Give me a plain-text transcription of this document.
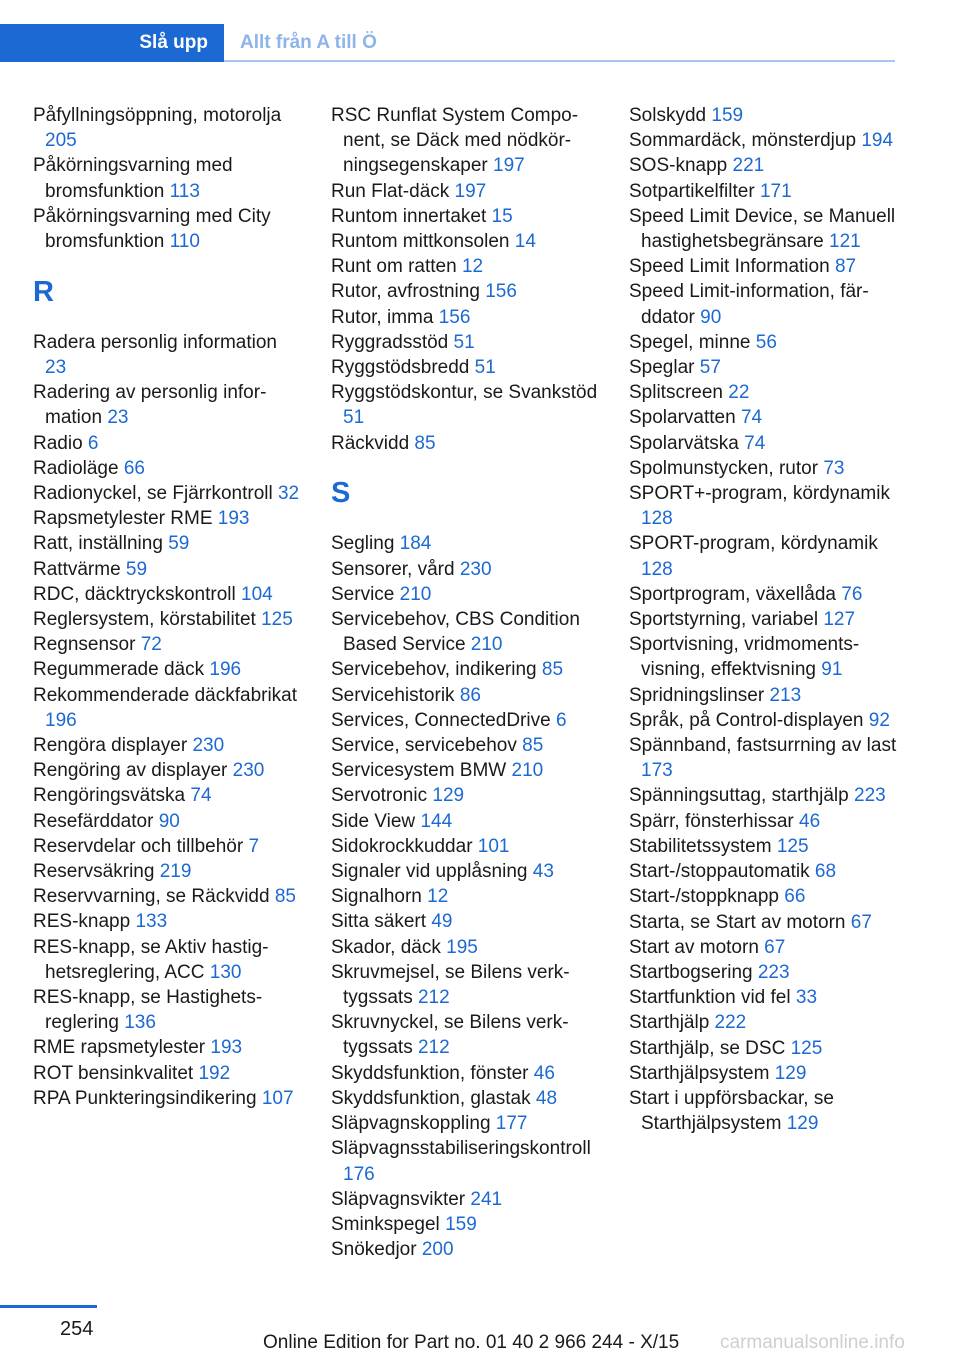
Slå upp	Allt från A till Ö
Påfyllningsöppning, motorolja 205
Påkörningsvarning med bromsfunktion 113
Påkörningsvarning med City bromsfunktion 110
R
Radera personlig information 23
Radering av personlig information 23
Radio 6
Radioläge 66
Radionyckel, se Fjärrkontroll 32
Rapsmetylester RME 193
Ratt, inställning 59
Rattvärme 59
RDC, däcktryckskontroll 104
Reglersystem, körstabilitet 125
Regnsensor 72
Regummerade däck 196
Rekommenderade däckfabrikat 196
Rengöra displayer 230
Rengöring av displayer 230
Rengöringsvätska 74
Resefärddator 90
Reservdelar och tillbehör 7
Reservsäkring 219
Reservvarning, se Räckvidd 85
RES-knapp 133
RES-knapp, se Aktiv hastighetsreglering, ACC 130
RES-knapp, se Hastighetsreglering 136
RME rapsmetylester 193
ROT bensinkvalitet 192
RPA Punkteringsindikering 107
RSC Runflat System Component, se Däck med nödkörningsegenskaper 197
Run Flat-däck 197
Runtom innertaket 15
Runtom mittkonsolen 14
Runt om ratten 12
Rutor, avfrostning 156
Rutor, imma 156
Ryggradsstöd 51
Ryggstödsbredd 51
Ryggstödskontur, se Svankstöd 51
Räckvidd 85
S
Segling 184
Sensorer, vård 230
Service 210
Servicebehov, CBS Condition Based Service 210
Servicebehov, indikering 85
Servicehistorik 86
Services, ConnectedDrive 6
Service, servicebehov 85
Servicesystem BMW 210
Servotronic 129
Side View 144
Sidokrockkuddar 101
Signaler vid upplåsning 43
Signalhorn 12
Sitta säkert 49
Skador, däck 195
Skruvmejsel, se Bilens verktygssats 212
Skruvnyckel, se Bilens verktygssats 212
Skyddsfunktion, fönster 46
Skyddsfunktion, glastak 48
Släpvagnskoppling 177
Släpvagnsstabiliseringskontroll 176
Släpvagnsvikter 241
Sminkspegel 159
Snökedjor 200
Solskydd 159
Sommardäck, mönsterdjup 194
SOS-knapp 221
Sotpartikelfilter 171
Speed Limit Device, se Manuell hastighetsbegränsare 121
Speed Limit Information 87
Speed Limit-information, färddator 90
Spegel, minne 56
Speglar 57
Splitscreen 22
Spolarvatten 74
Spolarvätska 74
Spolmunstycken, rutor 73
SPORT+-program, kördynamik 128
SPORT-program, kördynamik 128
Sportprogram, växellåda 76
Sportstyrning, variabel 127
Sportvisning, vridmomentsvisning, effektvisning 91
Spridningslinser 213
Språk, på Control-displayen 92
Spännband, fastsurrning av last 173
Spänningsuttag, starthjälp 223
Spärr, fönsterhissar 46
Stabilitetssystem 125
Start-/stoppautomatik 68
Start-/stoppknapp 66
Starta, se Start av motorn 67
Start av motorn 67
Startbogsering 223
Startfunktion vid fel 33
Starthjälp 222
Starthjälp, se DSC 125
Starthjälpsystem 129
Start i uppförsbackar, se Starthjälpsystem 129
254
Online Edition for Part no. 01 40 2 966 244 - X/15 carmanualsonline.info
